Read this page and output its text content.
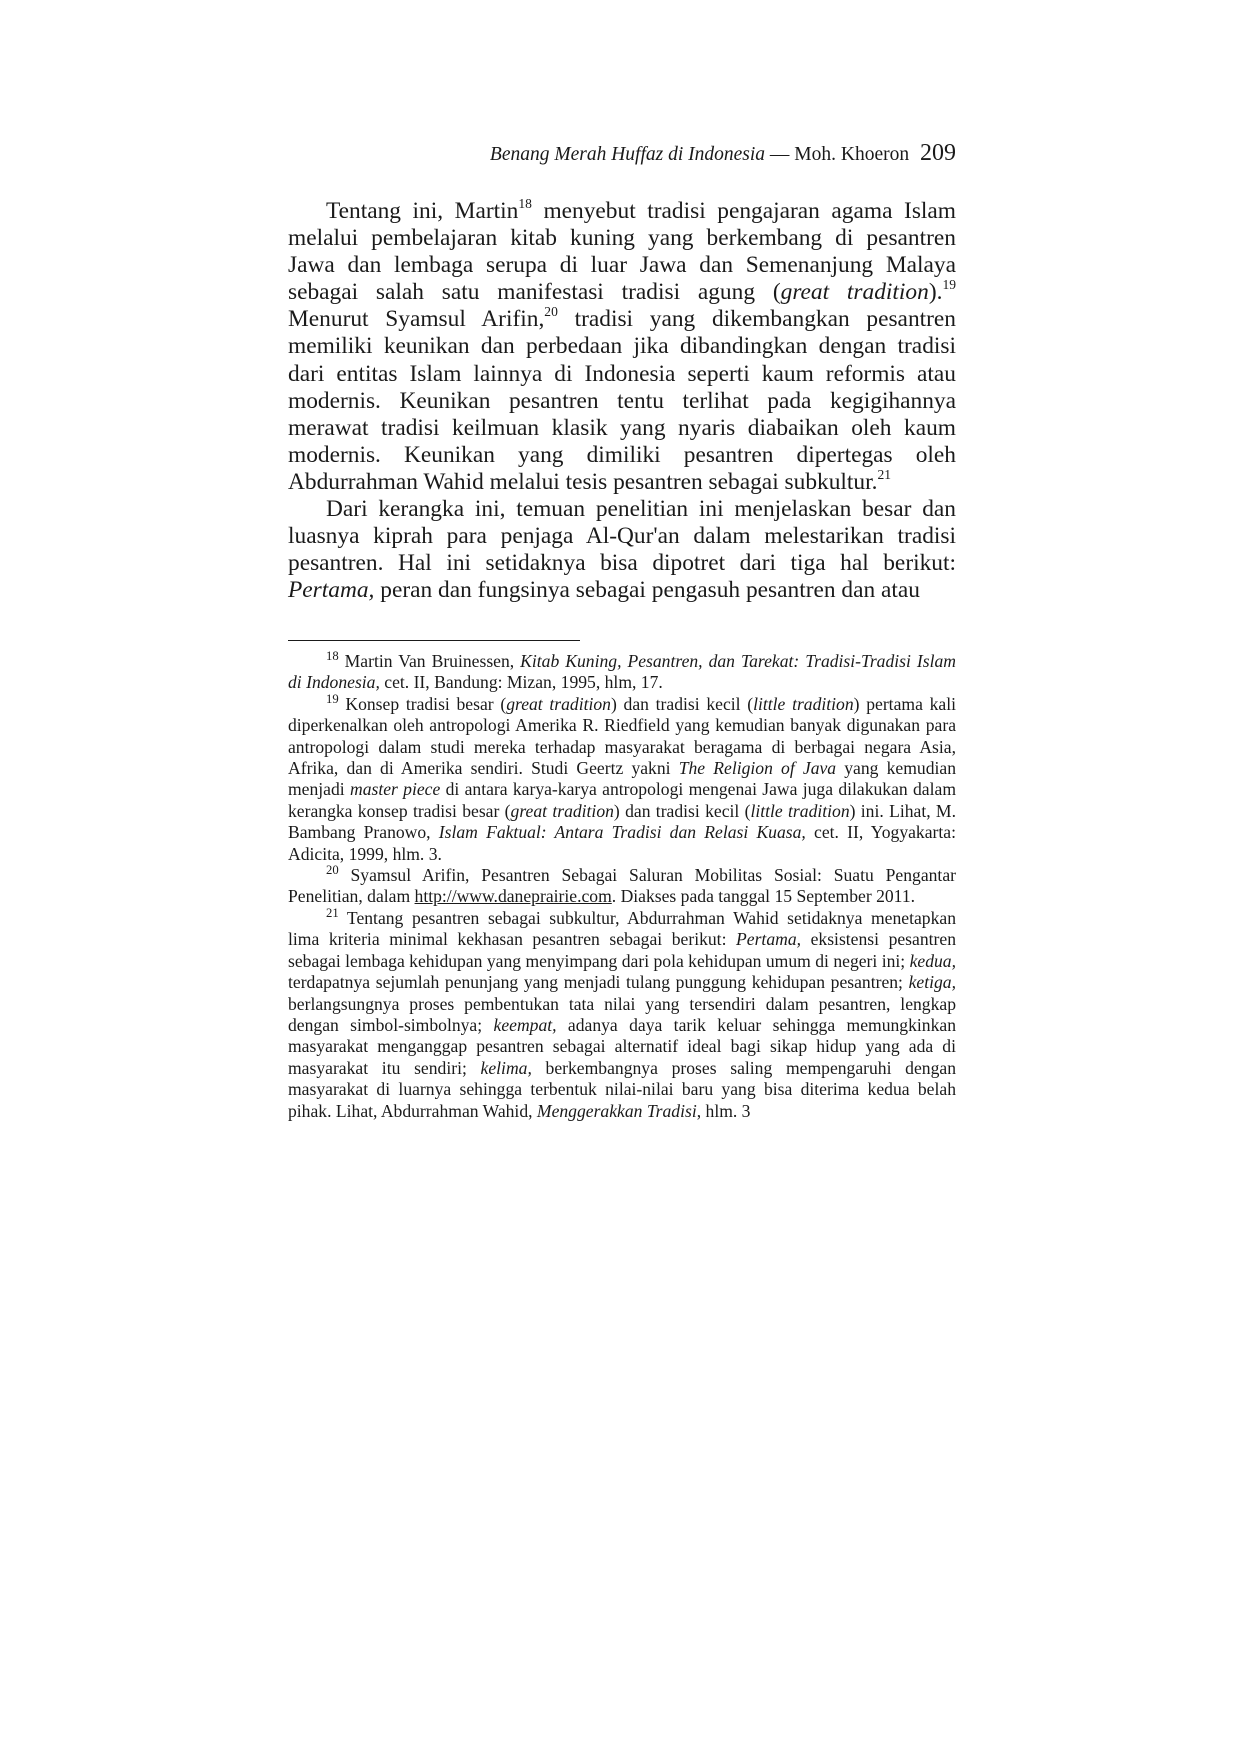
Benang Merah Huffaz di Indonesia — Moh. Khoeron 209

Tentang ini, Martin$^{18}$ menyebut tradisi pengajaran agama Islam melalui pembelajaran kitab kuning yang berkembang di pesantren Jawa dan lembaga serupa di luar Jawa dan Semenanjung Malaya sebagai salah satu manifestasi tradisi agung (great tradition).$^{19}$ Menurut Syamsul Arifin,$^{20}$ tradisi yang dikembangkan pesantren memiliki keunikan dan perbedaan jika dibandingkan dengan tradisi dari entitas Islam lainnya di Indonesia seperti kaum reformis atau modernis. Keunikan pesantren tentu terlihat pada kegigihannya merawat tradisi keilmuan klasik yang nyaris diabaikan oleh kaum modernis. Keunikan yang dimiliki pesantren dipertegas oleh Abdurrahman Wahid melalui tesis pesantren sebagai subkultur.$^{21}$

Dari kerangka ini, temuan penelitian ini menjelaskan besar dan luasnya kiprah para penjaga Al-Qur'an dalam melestarikan tradisi pesantren. Hal ini setidaknya bisa dipotret dari tiga hal berikut: Pertama, peran dan fungsinya sebagai pengasuh pesantren dan atau

$^{18}$ Martin Van Bruinessen, Kitab Kuning, Pesantren, dan Tarekat: Tradisi-Tradisi Islam di Indonesia, cet. II, Bandung: Mizan, 1995, hlm, 17.

$^{19}$ Konsep tradisi besar (great tradition) dan tradisi kecil (little tradition) pertama kali diperkenalkan oleh antropologi Amerika R. Riedfield yang kemudian banyak digunakan para antropologi dalam studi mereka terhadap masyarakat beragama di berbagai negara Asia, Afrika, dan di Amerika sendiri. Studi Geertz yakni The Religion of Java yang kemudian menjadi master piece di antara karya-karya antropologi mengenai Jawa juga dilakukan dalam kerangka konsep tradisi besar (great tradition) dan tradisi kecil (little tradition) ini. Lihat, M. Bambang Pranowo, Islam Faktual: Antara Tradisi dan Relasi Kuasa, cet. II, Yogyakarta: Adicita, 1999, hlm. 3.

$^{20}$ Syamsul Arifin, Pesantren Sebagai Saluran Mobilitas Sosial: Suatu Pengantar Penelitian, dalam http://www.daneprairie.com. Diakses pada tanggal 15 September 2011.

$^{21}$ Tentang pesantren sebagai subkultur, Abdurrahman Wahid setidaknya menetapkan lima kriteria minimal kekhasan pesantren sebagai berikut: Pertama, eksistensi pesantren sebagai lembaga kehidupan yang menyimpang dari pola kehidupan umum di negeri ini; kedua, terdapatnya sejumlah penunjang yang menjadi tulang punggung kehidupan pesantren; ketiga, berlangsungnya proses pembentukan tata nilai yang tersendiri dalam pesantren, lengkap dengan simbol-simbolnya; keempat, adanya daya tarik keluar sehingga memungkinkan masyarakat menganggap pesantren sebagai alternatif ideal bagi sikap hidup yang ada di masyarakat itu sendiri; kelima, berkembangnya proses saling mempengaruhi dengan masyarakat di luarnya sehingga terbentuk nilai-nilai baru yang bisa diterima kedua belah pihak. Lihat, Abdurrahman Wahid, Menggerakkan Tradisi, hlm. 3
